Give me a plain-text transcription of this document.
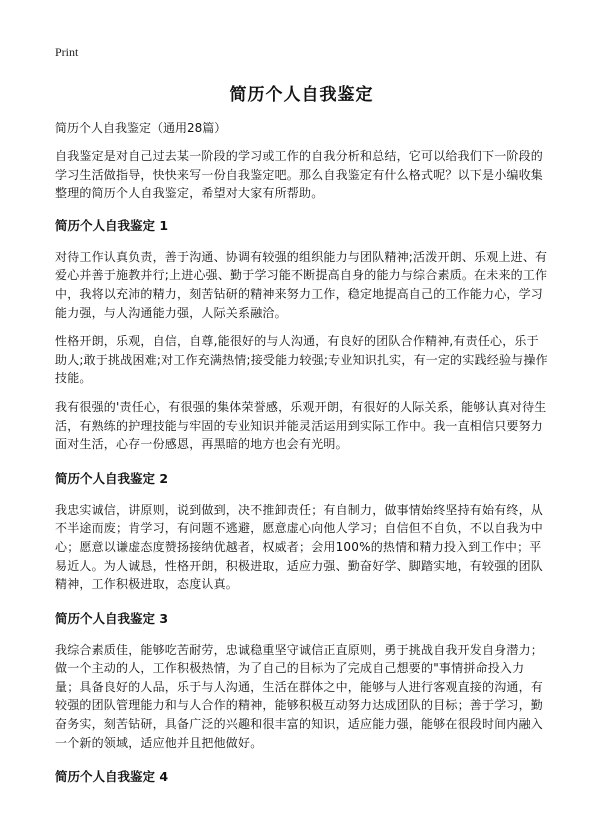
Print
简历个人自我鉴定
简历个人自我鉴定（通用28篇）

自我鉴定是对自己过去某一阶段的学习或工作的自我分析和总结，它可以给我们下一阶段的学习生活做指导，快快来写一份自我鉴定吧。那么自我鉴定有什么格式呢？以下是小编收集整理的简历个人自我鉴定，希望对大家有所帮助。

简历个人自我鉴定 1

对待工作认真负责，善于沟通、协调有较强的组织能力与团队精神;活泼开朗、乐观上进、有爱心并善于施教并行;上进心强、勤于学习能不断提高自身的能力与综合素质。在未来的工作中，我将以充沛的精力，刻苦钻研的精神来努力工作，稳定地提高自己的工作能力心，学习能力强，与人沟通能力强，人际关系融洽。

性格开朗，乐观，自信，自尊,能很好的与人沟通，有良好的团队合作精神,有责任心，乐于助人;敢于挑战困难;对工作充满热情;接受能力较强;专业知识扎实，有一定的实践经验与操作技能。

我有很强的'责任心，有很强的集体荣誉感，乐观开朗，有很好的人际关系，能够认真对待生活，有熟练的护理技能与牢固的专业知识并能灵活运用到实际工作中。我一直相信只要努力面对生活，心存一份感恩，再黑暗的地方也会有光明。

简历个人自我鉴定 2

我忠实诚信，讲原则，说到做到，决不推卸责任；有自制力，做事情始终坚持有始有终，从不半途而废；肯学习，有问题不逃避，愿意虚心向他人学习；自信但不自负，不以自我为中心；愿意以谦虚态度赞扬接纳优越者，权威者；会用100%的热情和精力投入到工作中；平易近人。为人诚恳，性格开朗，积极进取，适应力强、勤奋好学、脚踏实地，有较强的团队精神，工作积极进取，态度认真。

简历个人自我鉴定 3

我综合素质佳，能够吃苦耐劳，忠诚稳重坚守诚信正直原则，勇于挑战自我开发自身潜力；做一个主动的人，工作积极热情，为了自己的目标为了完成自己想要的"事情拼命投入力量；具备良好的人品，乐于与人沟通，生活在群体之中，能够与人进行客观直接的沟通，有较强的团队管理能力和与人合作的精神，能够积极互动努力达成团队的目标；善于学习，勤奋务实，刻苦钻研，具备广泛的兴趣和很丰富的知识，适应能力强，能够在很段时间内融入一个新的领域，适应他并且把他做好。

简历个人自我鉴定 4
